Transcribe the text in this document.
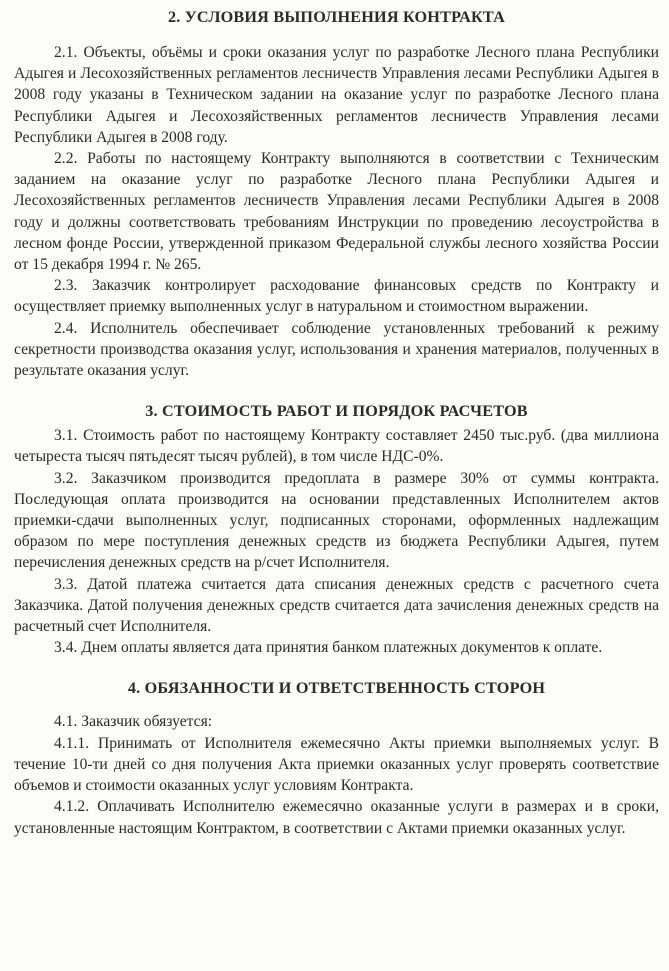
2. УСЛОВИЯ ВЫПОЛНЕНИЯ КОНТРАКТА

2.1. Объекты, объёмы и сроки оказания услуг по разработке Лесного плана Республики Адыгея и Лесохозяйственных регламентов лесничеств Управления лесами Республики Адыгея в 2008 году указаны в Техническом задании на оказание услуг по разработке Лесного плана Республики Адыгея и Лесохозяйственных регламентов лесничеств Управления лесами Республики Адыгея в 2008 году.

2.2. Работы по настоящему Контракту выполняются в соответствии с Техническим заданием на оказание услуг по разработке Лесного плана Республики Адыгея и Лесохозяйственных регламентов лесничеств Управления лесами Республики Адыгея в 2008 году и должны соответствовать требованиям Инструкции по проведению лесоустройства в лесном фонде России, утвержденной приказом Федеральной службы лесного хозяйства России от 15 декабря 1994 г. № 265.

2.3. Заказчик контролирует расходование финансовых средств по Контракту и осуществляет приемку выполненных услуг в натуральном и стоимостном выражении.

2.4. Исполнитель обеспечивает соблюдение установленных требований к режиму секретности производства оказания услуг, использования и хранения материалов, полученных в результате оказания услуг.

3. СТОИМОСТЬ РАБОТ И ПОРЯДОК РАСЧЕТОВ

3.1. Стоимость работ по настоящему Контракту составляет 2450 тыс.руб. (два миллиона четыреста тысяч пятьдесят тысяч рублей), в том числе НДС-0%.

3.2. Заказчиком производится предоплата в размере 30% от суммы контракта. Последующая оплата производится на основании представленных Исполнителем актов приемки-сдачи выполненных услуг, подписанных сторонами, оформленных надлежащим образом по мере поступления денежных средств из бюджета Республики Адыгея, путем перечисления денежных средств на р/счет Исполнителя.

3.3. Датой платежа считается дата списания денежных средств с расчетного счета Заказчика. Датой получения денежных средств считается дата зачисления денежных средств на расчетный счет Исполнителя.

3.4. Днем оплаты является дата принятия банком платежных документов к оплате.

4. ОБЯЗАННОСТИ И ОТВЕТСТВЕННОСТЬ СТОРОН

4.1. Заказчик обязуется:

4.1.1. Принимать от Исполнителя ежемесячно Акты приемки выполняемых услуг. В течение 10-ти дней со дня получения Акта приемки оказанных услуг проверять соответствие объемов и стоимости оказанных услуг условиям Контракта.

4.1.2. Оплачивать Исполнителю ежемесячно оказанные услуги в размерах и в сроки, установленные настоящим Контрактом, в соответствии с Актами приемки оказанных услуг.
